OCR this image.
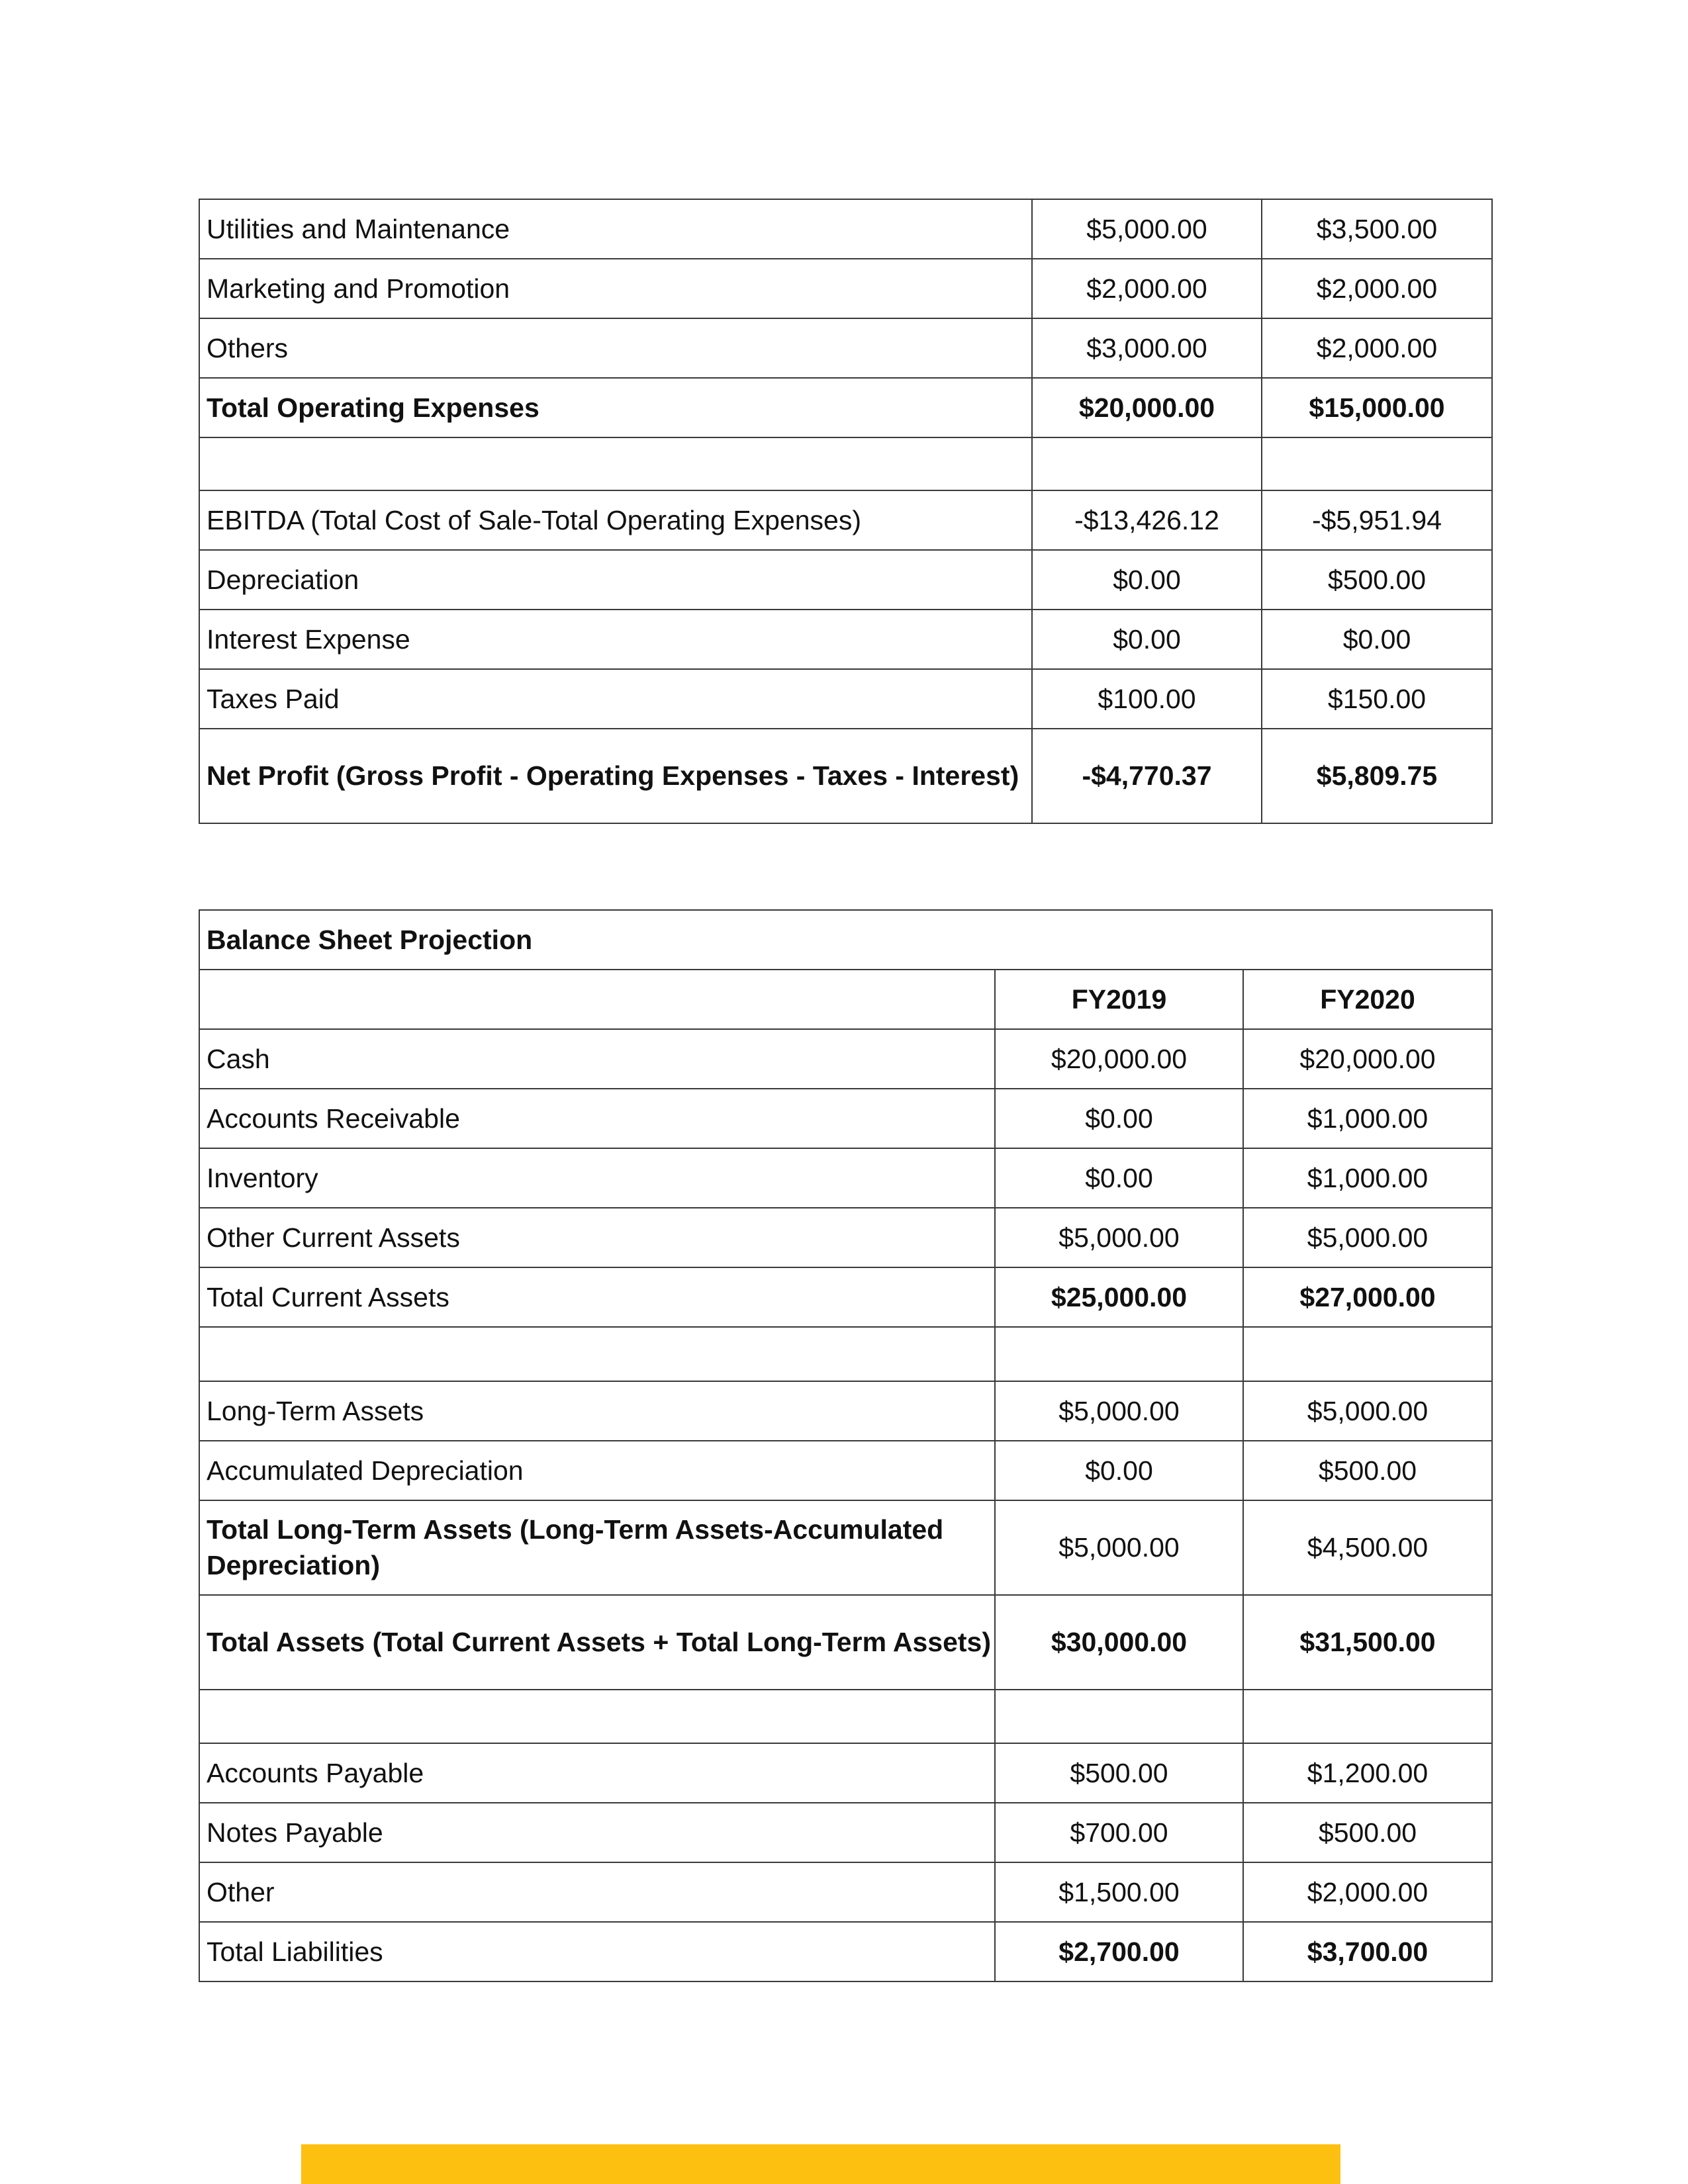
Utilities and Maintenance	$5,000.00	$3,500.00
Marketing and Promotion	$2,000.00	$2,000.00
Others	$3,000.00	$2,000.00
Total Operating Expenses	$20,000.00	$15,000.00

EBITDA (Total Cost of Sale-Total Operating Expenses)	-$13,426.12	-$5,951.94
Depreciation	$0.00	$500.00
Interest Expense	$0.00	$0.00
Taxes Paid	$100.00	$150.00
Net Profit (Gross Profit - Operating Expenses - Taxes - Interest)	-$4,770.37	$5,809.75
Balance Sheet Projection		
	FY2019	FY2020
Cash	$20,000.00	$20,000.00
Accounts Receivable	$0.00	$1,000.00
Inventory	$0.00	$1,000.00
Other Current Assets	$5,000.00	$5,000.00
Total Current Assets	$25,000.00	$27,000.00

Long-Term Assets	$5,000.00	$5,000.00
Accumulated Depreciation	$0.00	$500.00
Total Long-Term Assets (Long-Term Assets-Accumulated Depreciation)	$5,000.00	$4,500.00
Total Assets (Total Current Assets + Total Long-Term Assets)	$30,000.00	$31,500.00

Accounts Payable	$500.00	$1,200.00
Notes Payable	$700.00	$500.00
Other	$1,500.00	$2,000.00
Total Liabilities	$2,700.00	$3,700.00
